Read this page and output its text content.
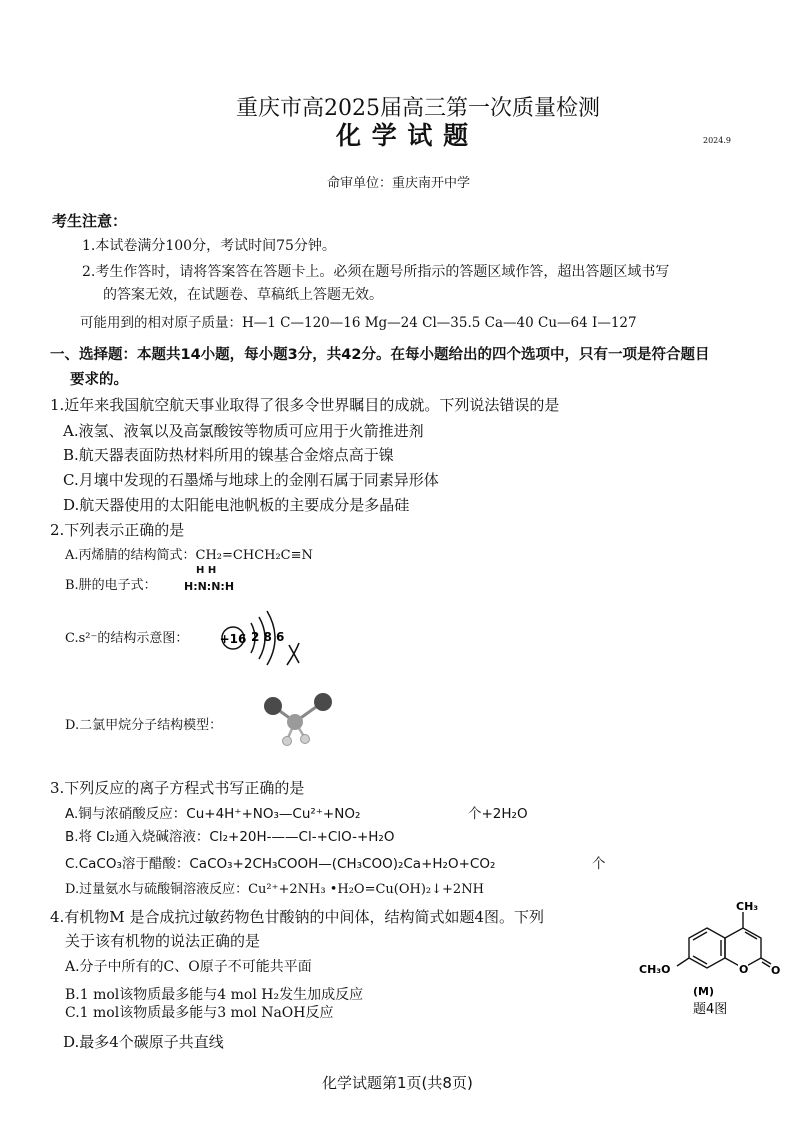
重庆市高2025届高三第一次质量检测
化 学 试 题	2024.9
命审单位：重庆南开中学
考生注意：
1.本试卷满分100分，考试时间75分钟。
2.考生作答时，请将答案答在答题卡上。必须在题号所指示的答题区域作答，超出答题区域书写
的答案无效，在试题卷、草稿纸上答题无效。
可能用到的相对原子质量：H—1 C—120—16 Mg—24 Cl—35.5 Ca—40 Cu—64 I—127
一、选择题：本题共14小题，每小题3分，共42分。在每小题给出的四个选项中，只有一项是符合题目
要求的。
1.近年来我国航空航天事业取得了很多令世界瞩目的成就。下列说法错误的是
A.液氢、液氧以及高氯酸铵等物质可应用于火箭推进剂
B.航天器表面防热材料所用的镍基合金熔点高于镍
C.月壤中发现的石墨烯与地球上的金刚石属于同素异形体
D.航天器使用的太阳能电池帆板的主要成分是多晶硅
2.下列表示正确的是
A.丙烯腈的结构简式：CH₂=CHCH₂C≡N
B.肼的电子式：
H H
H:N:N:H
C.s²⁻的结构示意图：	+16 2 8 6
D.二氯甲烷分子结构模型：
3.下列反应的离子方程式书写正确的是
A.铜与浓硝酸反应：Cu+4H⁺+NO₃—Cu²⁺+NO₂	个+2H₂O
B.将 Cl₂通入烧碱溶液：Cl₂+20H-——Cl-+ClO-+H₂O
C.CaCO₃溶于醋酸：CaCO₃+2CH₃COOH—(CH₃COO)₂Ca+H₂O+CO₂	个
D.过量氨水与硫酸铜溶液反应：Cu²⁺+2NH₃ •H₂O=Cu(OH)₂↓+2NH
4.有机物M 是合成抗过敏药物色甘酸钠的中间体，结构简式如题4图。下列
关于该有机物的说法正确的是
A.分子中所有的C、O原子不可能共平面
B.1 mol该物质最多能与4 mol H₂发生加成反应
C.1 mol该物质最多能与3 mol NaOH反应
D.最多4个碳原子共直线
CH₃
CH₃O	O O
(M)
题4图
化学试题第1页(共8页)
